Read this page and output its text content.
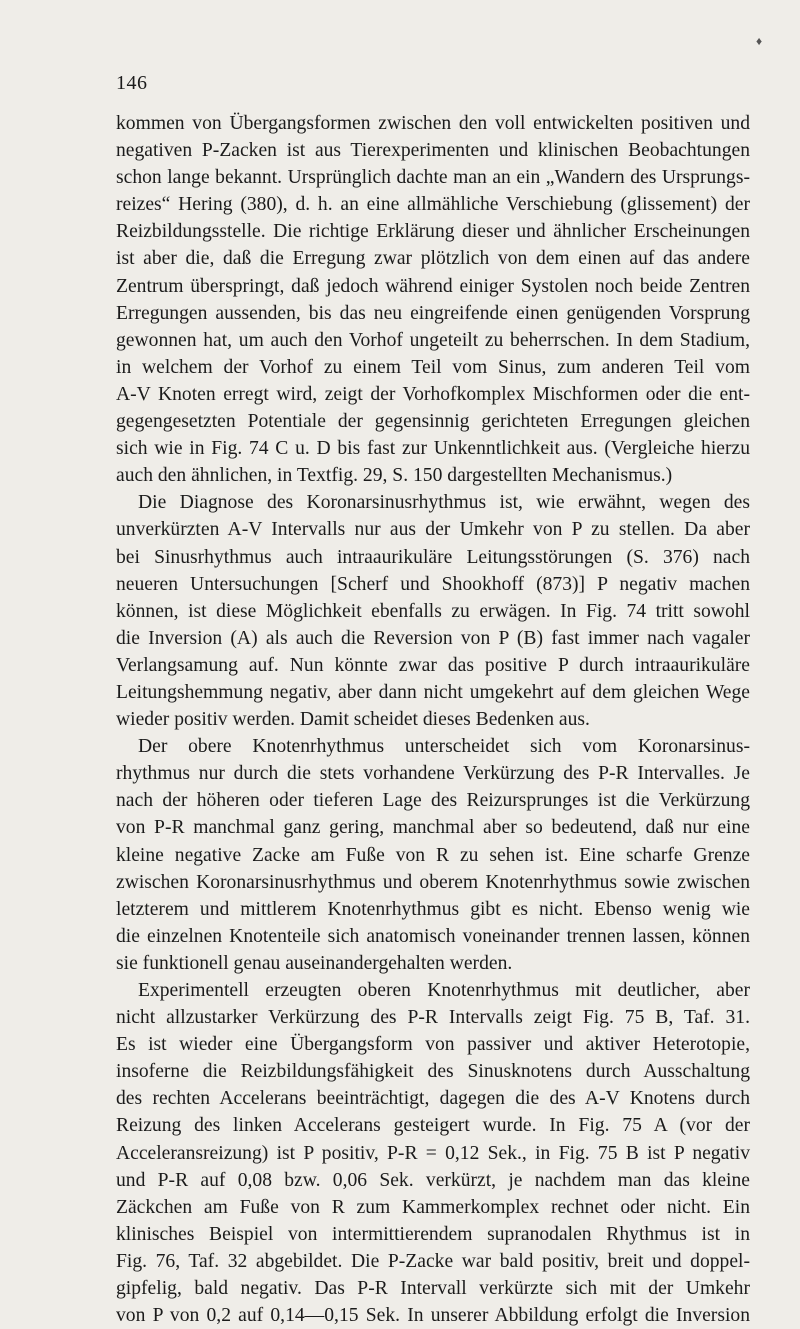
♦
146
kommen von Übergangsformen zwischen den voll entwickelten positiven und
negativen P-Zacken ist aus Tierexperimenten und klinischen Beobachtungen
schon lange bekannt. Ursprünglich dachte man an ein „Wandern des Ursprungs-
reizes“ Hering (380), d. h. an eine allmähliche Verschiebung (glissement) der
Reizbildungsstelle. Die richtige Erklärung dieser und ähnlicher Erscheinungen
ist aber die, daß die Erregung zwar plötzlich von dem einen auf das andere
Zentrum überspringt, daß jedoch während einiger Systolen noch beide Zentren
Erregungen aussenden, bis das neu eingreifende einen genügenden Vorsprung
gewonnen hat, um auch den Vorhof ungeteilt zu beherrschen. In dem Stadium,
in welchem der Vorhof zu einem Teil vom Sinus, zum anderen Teil vom
A-V Knoten erregt wird, zeigt der Vorhofkomplex Mischformen oder die ent-
gegengesetzten Potentiale der gegensinnig gerichteten Erregungen gleichen
sich wie in Fig. 74 C u. D bis fast zur Unkenntlichkeit aus. (Vergleiche hierzu
auch den ähnlichen, in Textfig. 29, S. 150 dargestellten Mechanismus.)
Die Diagnose des Koronarsinusrhythmus ist, wie erwähnt, wegen des
unverkürzten A-V Intervalls nur aus der Umkehr von P zu stellen. Da aber
bei Sinusrhythmus auch intraaurikuläre Leitungsstörungen (S. 376) nach
neueren Untersuchungen [Scherf und Shookhoff (873)] P negativ machen
können, ist diese Möglichkeit ebenfalls zu erwägen. In Fig. 74 tritt sowohl
die Inversion (A) als auch die Reversion von P (B) fast immer nach vagaler
Verlangsamung auf. Nun könnte zwar das positive P durch intraaurikuläre
Leitungshemmung negativ, aber dann nicht umgekehrt auf dem gleichen Wege
wieder positiv werden. Damit scheidet dieses Bedenken aus.
Der obere Knotenrhythmus unterscheidet sich vom Koronarsinus-
rhythmus nur durch die stets vorhandene Verkürzung des P-R Intervalles. Je
nach der höheren oder tieferen Lage des Reizursprunges ist die Verkürzung
von P-R manchmal ganz gering, manchmal aber so bedeutend, daß nur eine
kleine negative Zacke am Fuße von R zu sehen ist. Eine scharfe Grenze
zwischen Koronarsinusrhythmus und oberem Knotenrhythmus sowie zwischen
letzterem und mittlerem Knotenrhythmus gibt es nicht. Ebenso wenig wie
die einzelnen Knotenteile sich anatomisch voneinander trennen lassen, können
sie funktionell genau auseinandergehalten werden.
Experimentell erzeugten oberen Knotenrhythmus mit deutlicher, aber
nicht allzustarker Verkürzung des P-R Intervalls zeigt Fig. 75 B, Taf. 31.
Es ist wieder eine Übergangsform von passiver und aktiver Heterotopie,
insoferne die Reizbildungsfähigkeit des Sinusknotens durch Ausschaltung
des rechten Accelerans beeinträchtigt, dagegen die des A-V Knotens durch
Reizung des linken Accelerans gesteigert wurde. In Fig. 75 A (vor der
Acceleransreizung) ist P positiv, P-R = 0,12 Sek., in Fig. 75 B ist P negativ
und P-R auf 0,08 bzw. 0,06 Sek. verkürzt, je nachdem man das kleine
Zäckchen am Fuße von R zum Kammerkomplex rechnet oder nicht. Ein
klinisches Beispiel von intermittierendem supranodalen Rhythmus ist in
Fig. 76, Taf. 32 abgebildet. Die P-Zacke war bald positiv, breit und doppel-
gipfelig, bald negativ. Das P-R Intervall verkürzte sich mit der Umkehr
von P von 0,2 auf 0,14—0,15 Sek. In unserer Abbildung erfolgt die Inversion
